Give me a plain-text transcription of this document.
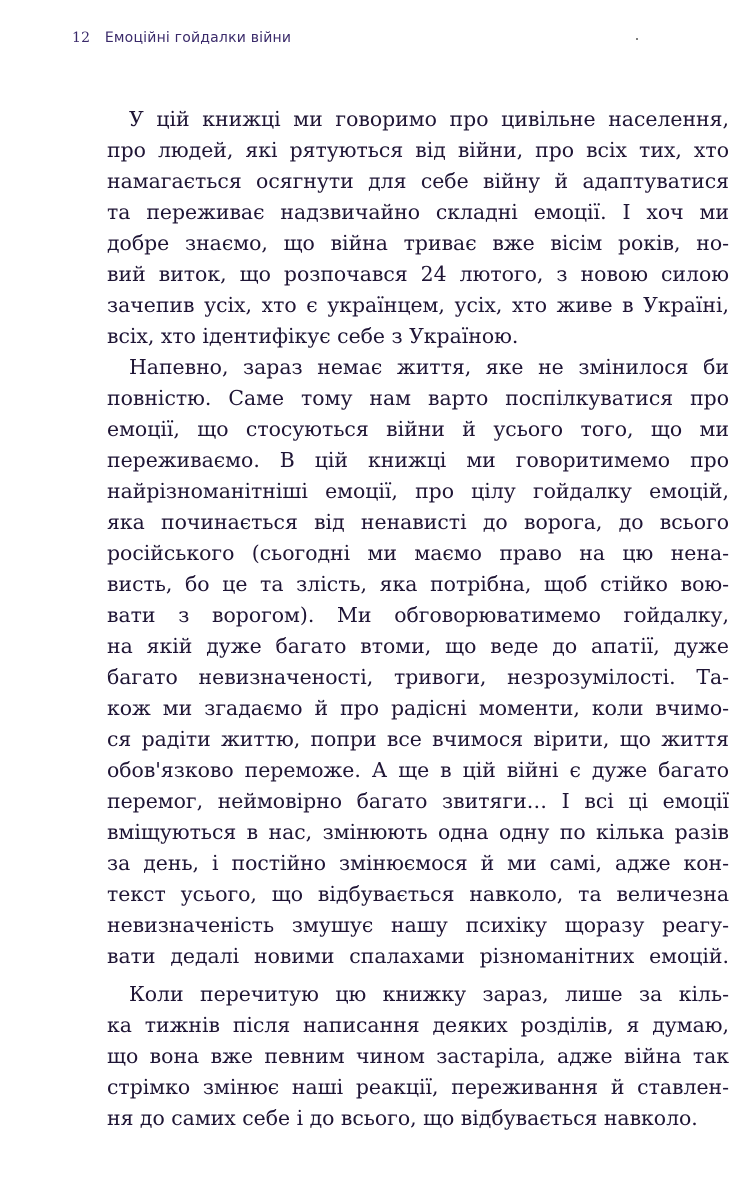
12 Емоційні гойдалки війни
У цій книжці ми говоримо про цивільне населення,
про людей, які рятуються від війни, про всіх тих, хто
намагається осягнути для себе війну й адаптуватися
та переживає надзвичайно складні емоції. І хоч ми
добре знаємо, що війна триває вже вісім років, но-
вий виток, що розпочався 24 лютого, з новою силою
зачепив усіх, хто є українцем, усіх, хто живе в Україні,
всіх, хто ідентифікує себе з Україною.
Напевно, зараз немає життя, яке не змінилося би
повністю. Саме тому нам варто поспілкуватися про
емоції, що стосуються війни й усього того, що ми
переживаємо. В цій книжці ми говоритимемо про
найрізноманітніші емоції, про цілу гойдалку емоцій,
яка починається від ненависті до ворога, до всього
російського (сьогодні ми маємо право на цю нена-
висть, бо це та злість, яка потрібна, щоб стійко вою-
вати з ворогом). Ми обговорюватимемо гойдалку,
на якій дуже багато втоми, що веде до апатії, дуже
багато невизначеності, тривоги, незрозумілості. Та-
кож ми згадаємо й про радісні моменти, коли вчимо-
ся радіти життю, попри все вчимося вірити, що життя
обов'язково переможе. А ще в цій війні є дуже багато
перемог, неймовірно багато звитяги… І всі ці емоції
вміщуються в нас, змінюють одна одну по кілька разів
за день, і постійно змінюємося й ми самі, адже кон-
текст усього, що відбувається навколо, та величезна
невизначеність змушує нашу психіку щоразу реагу-
вати дедалі новими спалахами різноманітних емоцій.
Коли перечитую цю книжку зараз, лише за кіль-
ка тижнів після написання деяких розділів, я думаю,
що вона вже певним чином застаріла, адже війна так
стрімко змінює наші реакції, переживання й ставлен-
ня до самих себе і до всього, що відбувається навколо.
